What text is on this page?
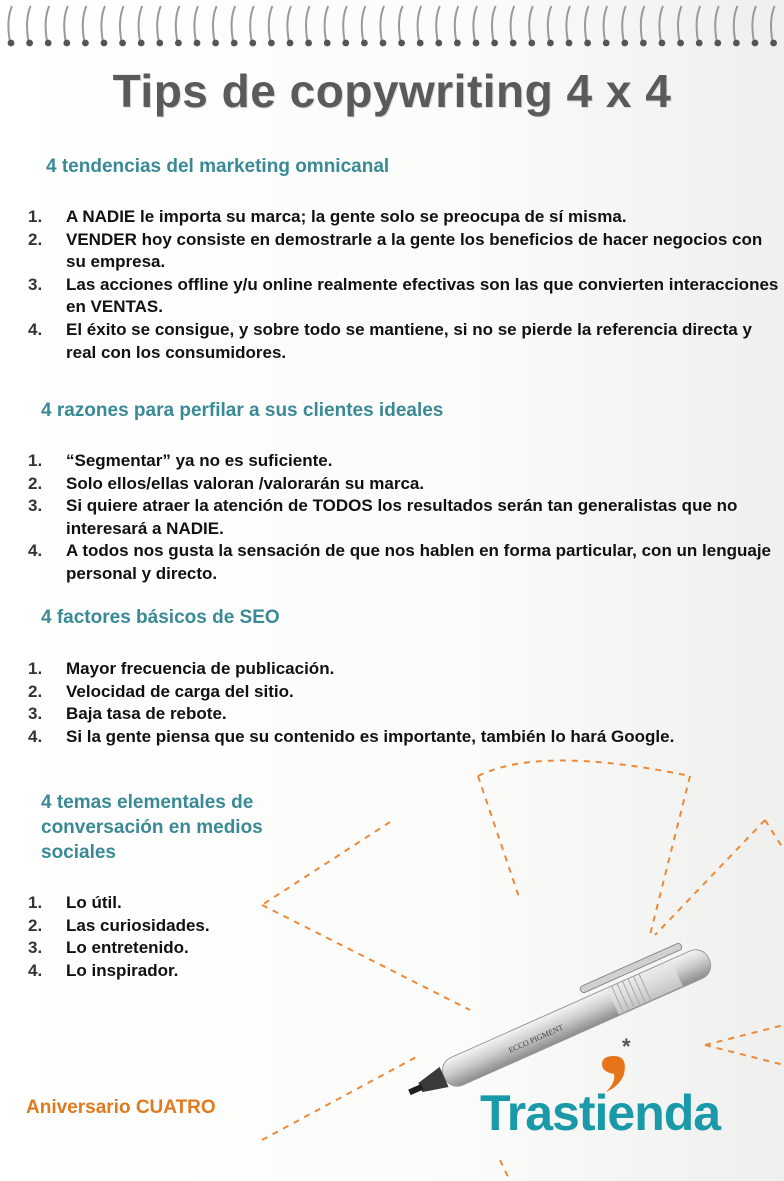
Tips de copywriting 4 x 4
4 tendencias del marketing omnicanal
1. A NADIE le importa su marca; la gente solo se preocupa de sí misma.
2. VENDER hoy consiste en demostrarle a la gente los beneficios de hacer negocios con su empresa.
3. Las acciones offline y/u online realmente efectivas son las que convierten interacciones en VENTAS.
4. El éxito se consigue, y sobre todo se mantiene, si no se pierde la referencia directa y real con los consumidores.
4 razones para perfilar a sus clientes ideales
1. “Segmentar” ya no es suficiente.
2. Solo ellos/ellas valoran /valorarán su marca.
3. Si quiere atraer la atención de TODOS los resultados serán tan generalistas que no interesará a NADIE.
4. A todos nos gusta la sensación de que nos hablen en forma particular, con un lenguaje personal y directo.
4 factores básicos de SEO
1. Mayor frecuencia de publicación.
2. Velocidad de carga del sitio.
3. Baja tasa de rebote.
4. Si la gente piensa que su contenido es importante, también lo hará Google.
4 temas elementales de conversación en medios sociales
1. Lo útil.
2. Las curiosidades.
3. Lo entretenido.
4. Lo inspirador.
ECCO PIGMENT
Aniversario CUATRO
*
Trastienda
